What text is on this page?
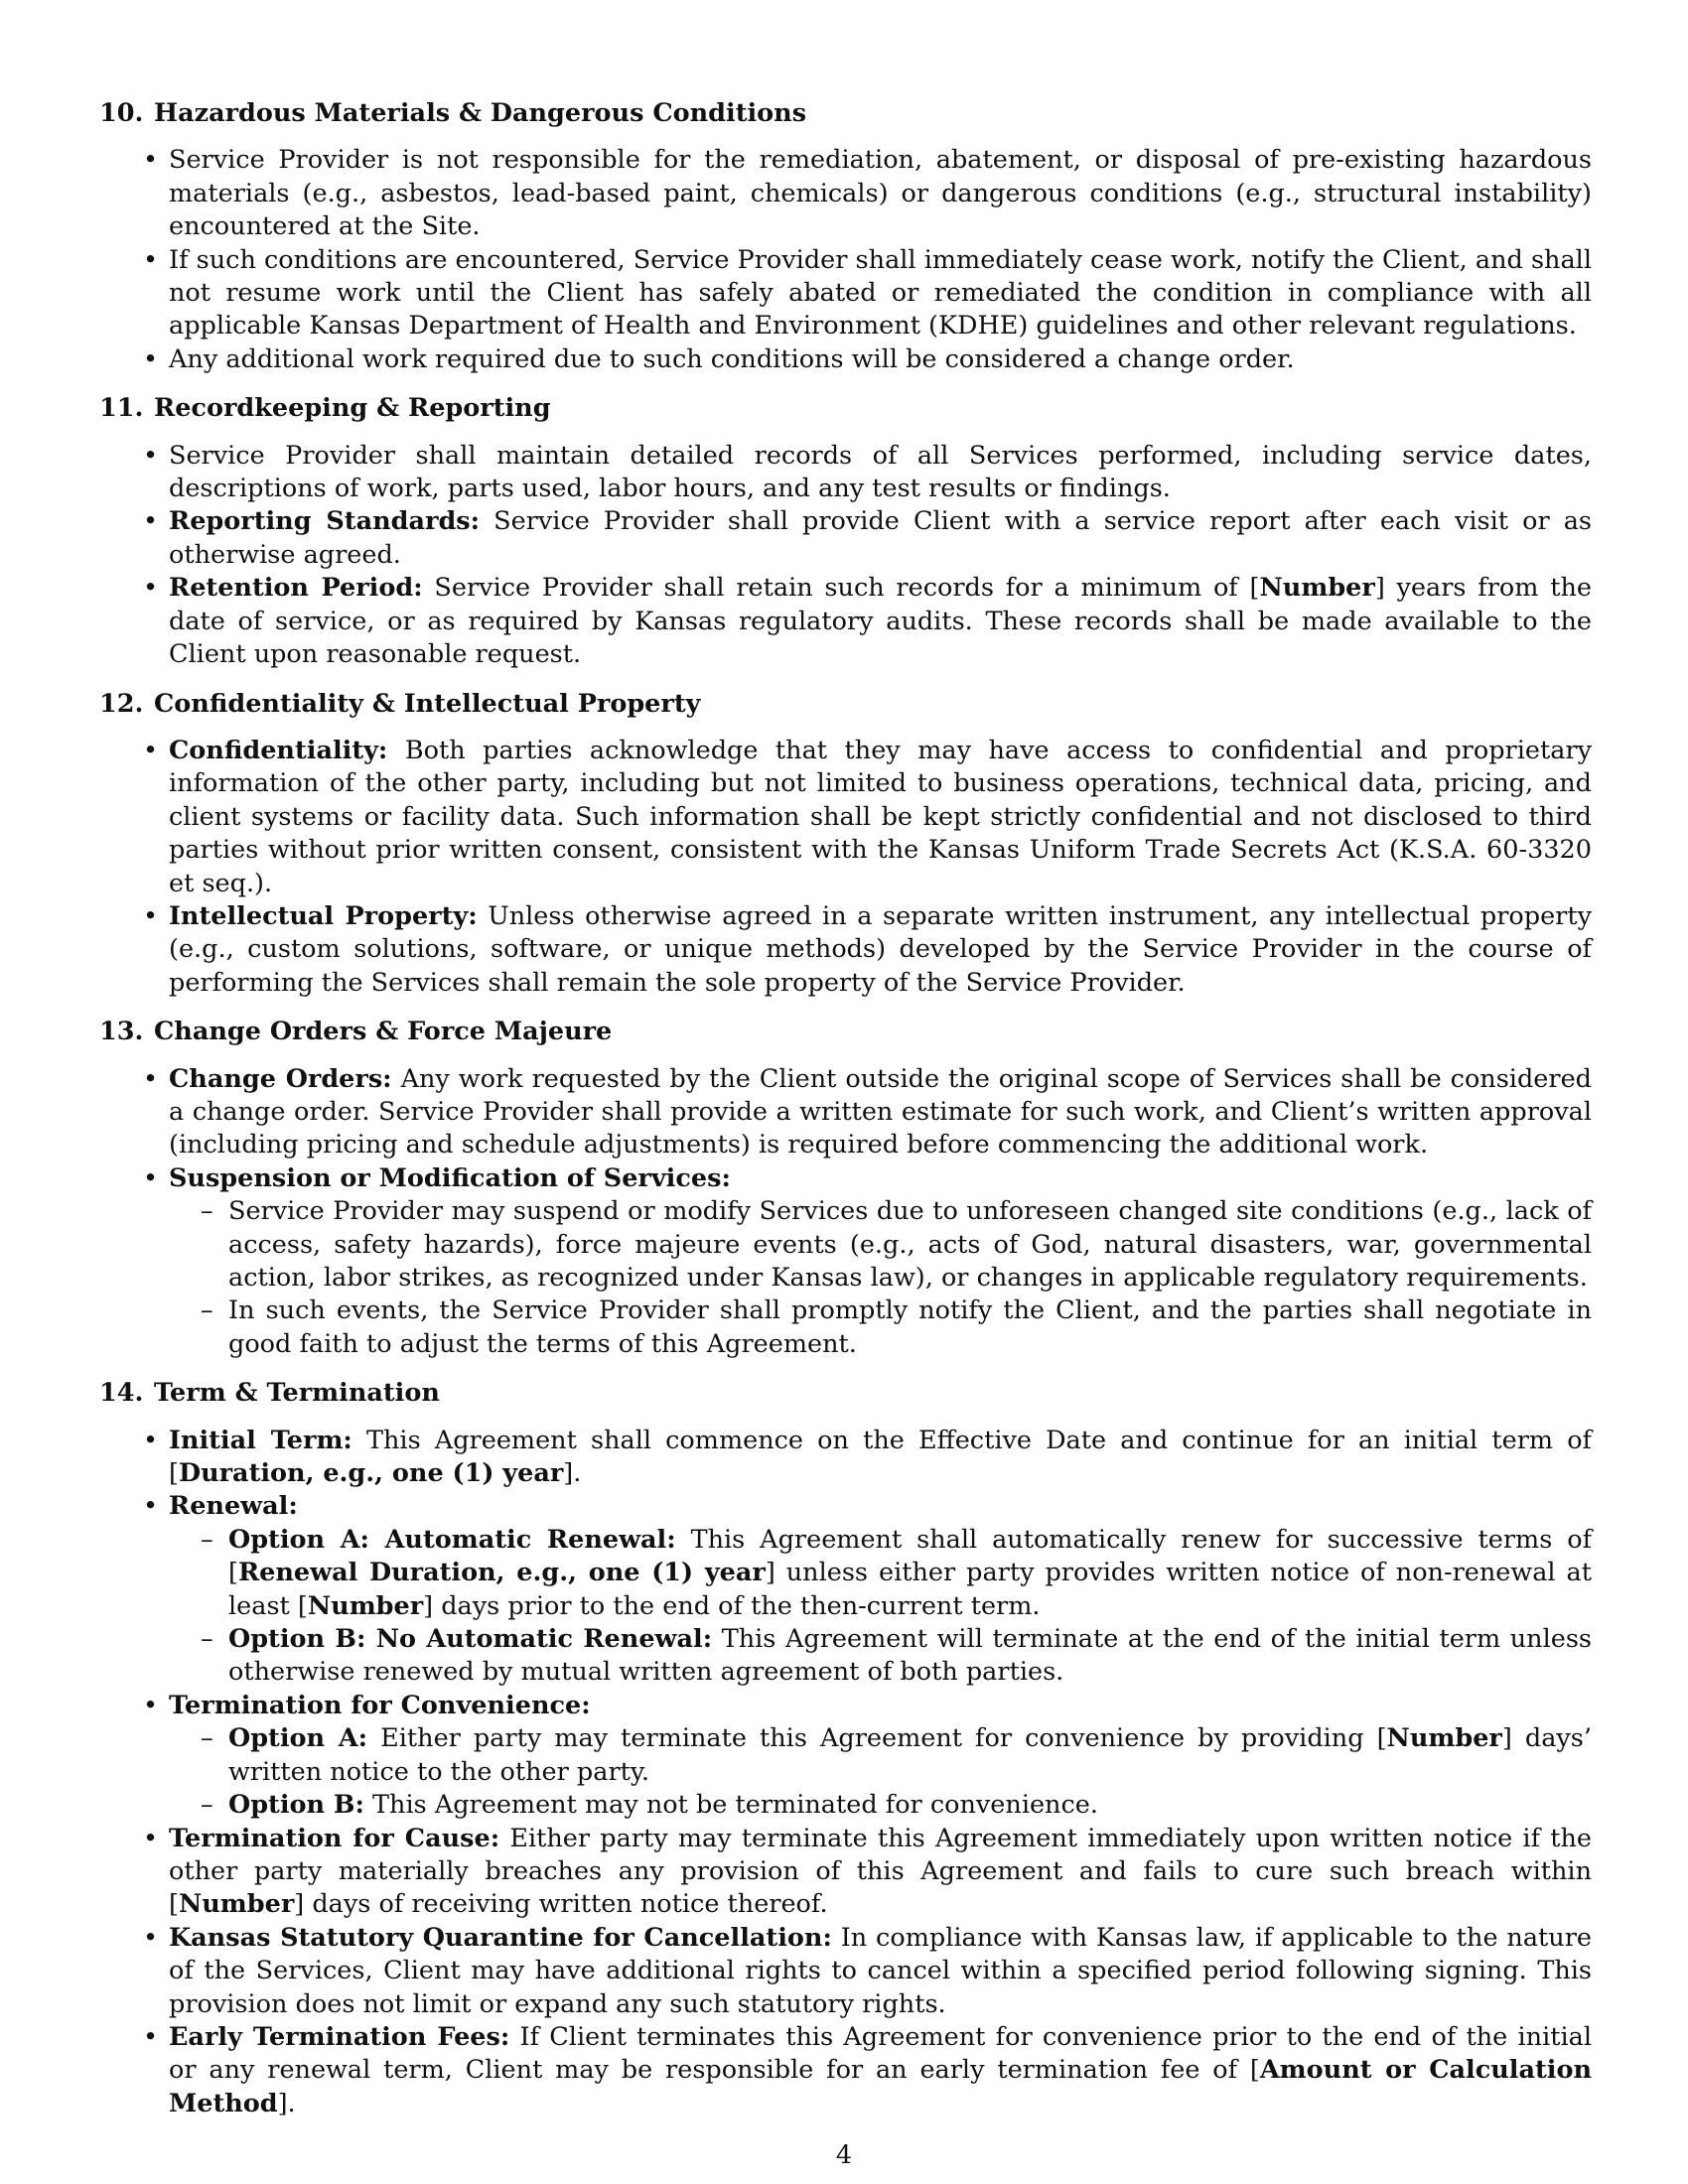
10. Hazardous Materials & Dangerous Conditions
• Service Provider is not responsible for the remediation, abatement, or disposal of pre-existing hazardous materials (e.g., asbestos, lead-based paint, chemicals) or dangerous conditions (e.g., structural instability) encountered at the Site.
• If such conditions are encountered, Service Provider shall immediately cease work, notify the Client, and shall not resume work until the Client has safely abated or remediated the condition in compliance with all applicable Kansas Department of Health and Environment (KDHE) guidelines and other relevant regulations.
• Any additional work required due to such conditions will be considered a change order.
11. Recordkeeping & Reporting
• Service Provider shall maintain detailed records of all Services performed, including service dates, descriptions of work, parts used, labor hours, and any test results or findings.
• Reporting Standards: Service Provider shall provide Client with a service report after each visit or as otherwise agreed.
• Retention Period: Service Provider shall retain such records for a minimum of [Number] years from the date of service, or as required by Kansas regulatory audits. These records shall be made available to the Client upon reasonable request.
12. Confidentiality & Intellectual Property
• Confidentiality: Both parties acknowledge that they may have access to confidential and proprietary information of the other party, including but not limited to business operations, technical data, pricing, and client systems or facility data. Such information shall be kept strictly confidential and not disclosed to third parties without prior written consent, consistent with the Kansas Uniform Trade Secrets Act (K.S.A. 60-3320 et seq.).
• Intellectual Property: Unless otherwise agreed in a separate written instrument, any intellectual property (e.g., custom solutions, software, or unique methods) developed by the Service Provider in the course of performing the Services shall remain the sole property of the Service Provider.
13. Change Orders & Force Majeure
• Change Orders: Any work requested by the Client outside the original scope of Services shall be considered a change order. Service Provider shall provide a written estimate for such work, and Client’s written approval (including pricing and schedule adjustments) is required before commencing the additional work.
• Suspension or Modification of Services:
– Service Provider may suspend or modify Services due to unforeseen changed site conditions (e.g., lack of access, safety hazards), force majeure events (e.g., acts of God, natural disasters, war, governmental action, labor strikes, as recognized under Kansas law), or changes in applicable regulatory requirements.
– In such events, the Service Provider shall promptly notify the Client, and the parties shall negotiate in good faith to adjust the terms of this Agreement.
14. Term & Termination
• Initial Term: This Agreement shall commence on the Effective Date and continue for an initial term of [Duration, e.g., one (1) year].
• Renewal:
– Option A: Automatic Renewal: This Agreement shall automatically renew for successive terms of [Renewal Duration, e.g., one (1) year] unless either party provides written notice of non-renewal at least [Number] days prior to the end of the then-current term.
– Option B: No Automatic Renewal: This Agreement will terminate at the end of the initial term unless otherwise renewed by mutual written agreement of both parties.
• Termination for Convenience:
– Option A: Either party may terminate this Agreement for convenience by providing [Number] days’ written notice to the other party.
– Option B: This Agreement may not be terminated for convenience.
• Termination for Cause: Either party may terminate this Agreement immediately upon written notice if the other party materially breaches any provision of this Agreement and fails to cure such breach within [Number] days of receiving written notice thereof.
• Kansas Statutory Quarantine for Cancellation: In compliance with Kansas law, if applicable to the nature of the Services, Client may have additional rights to cancel within a specified period following signing. This provision does not limit or expand any such statutory rights.
• Early Termination Fees: If Client terminates this Agreement for convenience prior to the end of the initial or any renewal term, Client may be responsible for an early termination fee of [Amount or Calculation Method].
4
